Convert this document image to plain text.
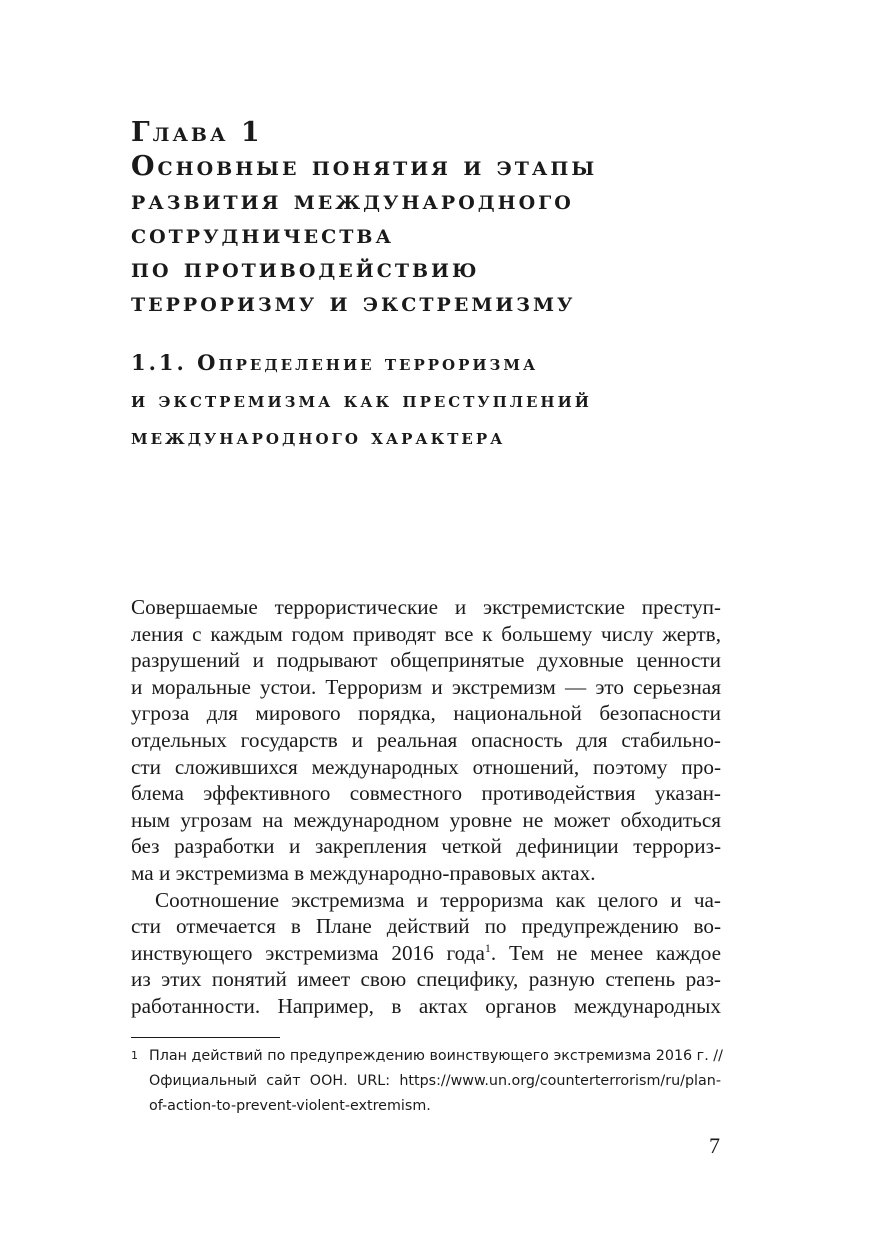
Глава 1
Основные понятия и этапы
развития международного
сотрудничества
по противодействию
терроризму и экстремизму
1.1. Определение терроризма
и экстремизма как преступлений
международного характера
Совершаемые террористические и экстремистские преступ-
ления с каждым годом приводят все к большему числу жертв,
разрушений и подрывают общепринятые духовные ценности
и моральные устои. Терроризм и экстремизм — это серьезная
угроза для мирового порядка, национальной безопасности
отдельных государств и реальная опасность для стабильно-
сти сложившихся международных отношений, поэтому про-
блема эффективного совместного противодействия указан-
ным угрозам на международном уровне не может обходиться
без разработки и закрепления четкой дефиниции террориз-
ма и экстремизма в международно-правовых актах.
Соотношение экстремизма и терроризма как целого и ча-
сти отмечается в Плане действий по предупреждению во-
инствующего экстремизма 2016 года$^1$. Тем не менее каждое
из этих понятий имеет свою специфику, разную степень раз-
работанности. Например, в актах органов международных
1 План действий по предупреждению воинствующего экстремизма 2016 г. //
Официальный сайт ООН. URL: https://www.un.org/counterterrorism/ru/plan-
of-action-to-prevent-violent-extremism.
7
